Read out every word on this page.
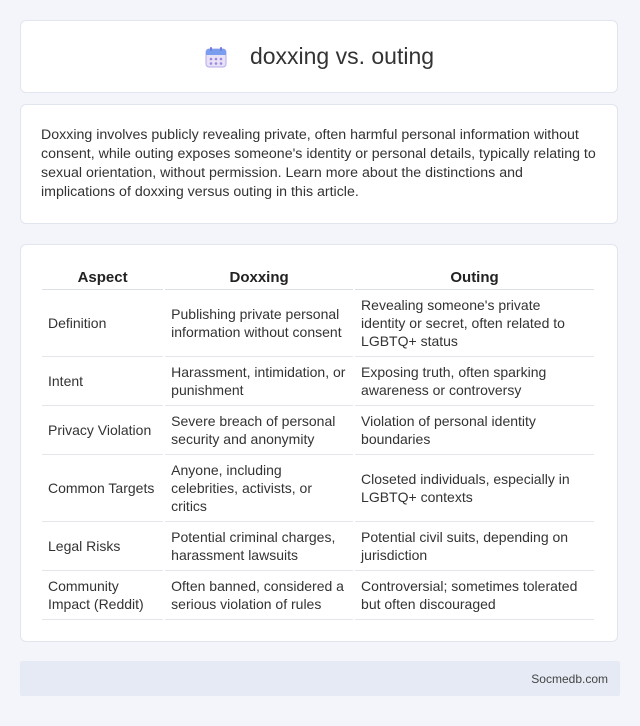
doxxing vs. outing

Doxxing involves publicly revealing private, often harmful personal information without consent, while outing exposes someone's identity or personal details, typically relating to sexual orientation, without permission. Learn more about the distinctions and implications of doxxing versus outing in this article.

Aspect	Doxxing	Outing
Definition	Publishing private personal information without consent	Revealing someone's private identity or secret, often related to LGBTQ+ status
Intent	Harassment, intimidation, or punishment	Exposing truth, often sparking awareness or controversy
Privacy Violation	Severe breach of personal security and anonymity	Violation of personal identity boundaries
Common Targets	Anyone, including celebrities, activists, or critics	Closeted individuals, especially in LGBTQ+ contexts
Legal Risks	Potential criminal charges, harassment lawsuits	Potential civil suits, depending on jurisdiction
Community Impact (Reddit)	Often banned, considered a serious violation of rules	Controversial; sometimes tolerated but often discouraged
Socmedb.com
